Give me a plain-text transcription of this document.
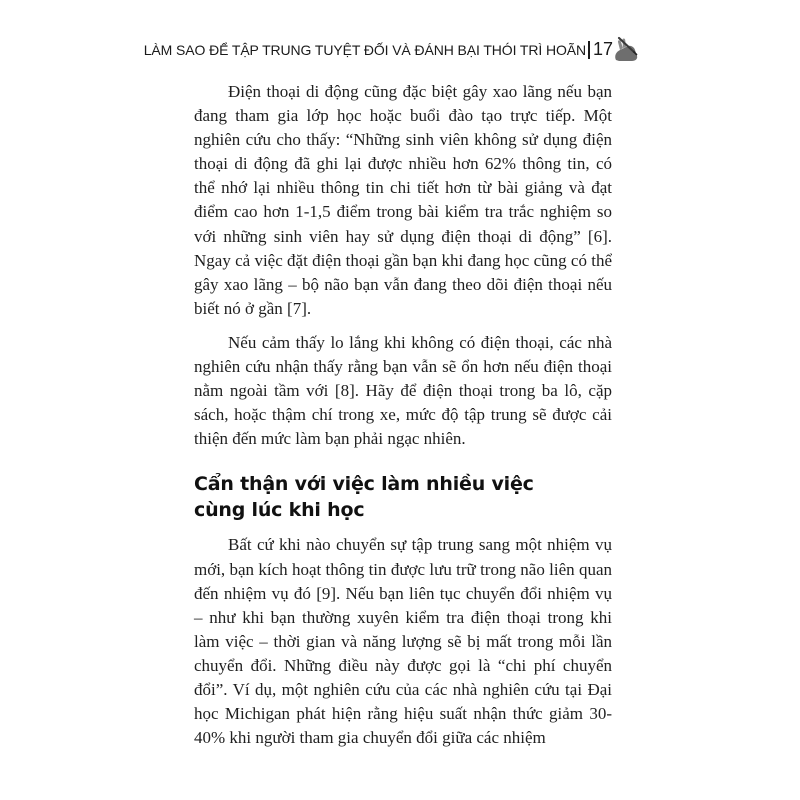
LÀM SAO ĐỂ TẬP TRUNG TUYỆT ĐỐI VÀ ĐÁNH BẠI THÓI TRÌ HOÃN 17

Điện thoại di động cũng đặc biệt gây xao lãng nếu bạn đang tham gia lớp học hoặc buổi đào tạo trực tiếp. Một nghiên cứu cho thấy: “Những sinh viên không sử dụng điện thoại di động đã ghi lại được nhiều hơn 62% thông tin, có thể nhớ lại nhiều thông tin chi tiết hơn từ bài giảng và đạt điểm cao hơn 1-1,5 điểm trong bài kiểm tra trắc nghiệm so với những sinh viên hay sử dụng điện thoại di động” [6]. Ngay cả việc đặt điện thoại gần bạn khi đang học cũng có thể gây xao lãng – bộ não bạn vẫn đang theo dõi điện thoại nếu biết nó ở gần [7].

Nếu cảm thấy lo lắng khi không có điện thoại, các nhà nghiên cứu nhận thấy rằng bạn vẫn sẽ ổn hơn nếu điện thoại nằm ngoài tầm với [8]. Hãy để điện thoại trong ba lô, cặp sách, hoặc thậm chí trong xe, mức độ tập trung sẽ được cải thiện đến mức làm bạn phải ngạc nhiên.

Cẩn thận với việc làm nhiều việc
cùng lúc khi học

Bất cứ khi nào chuyển sự tập trung sang một nhiệm vụ mới, bạn kích hoạt thông tin được lưu trữ trong não liên quan đến nhiệm vụ đó [9]. Nếu bạn liên tục chuyển đổi nhiệm vụ – như khi bạn thường xuyên kiểm tra điện thoại trong khi làm việc – thời gian và năng lượng sẽ bị mất trong mỗi lần chuyển đổi. Những điều này được gọi là “chi phí chuyển đổi”. Ví dụ, một nghiên cứu của các nhà nghiên cứu tại Đại học Michigan phát hiện rằng hiệu suất nhận thức giảm 30-40% khi người tham gia chuyển đổi giữa các nhiệm
